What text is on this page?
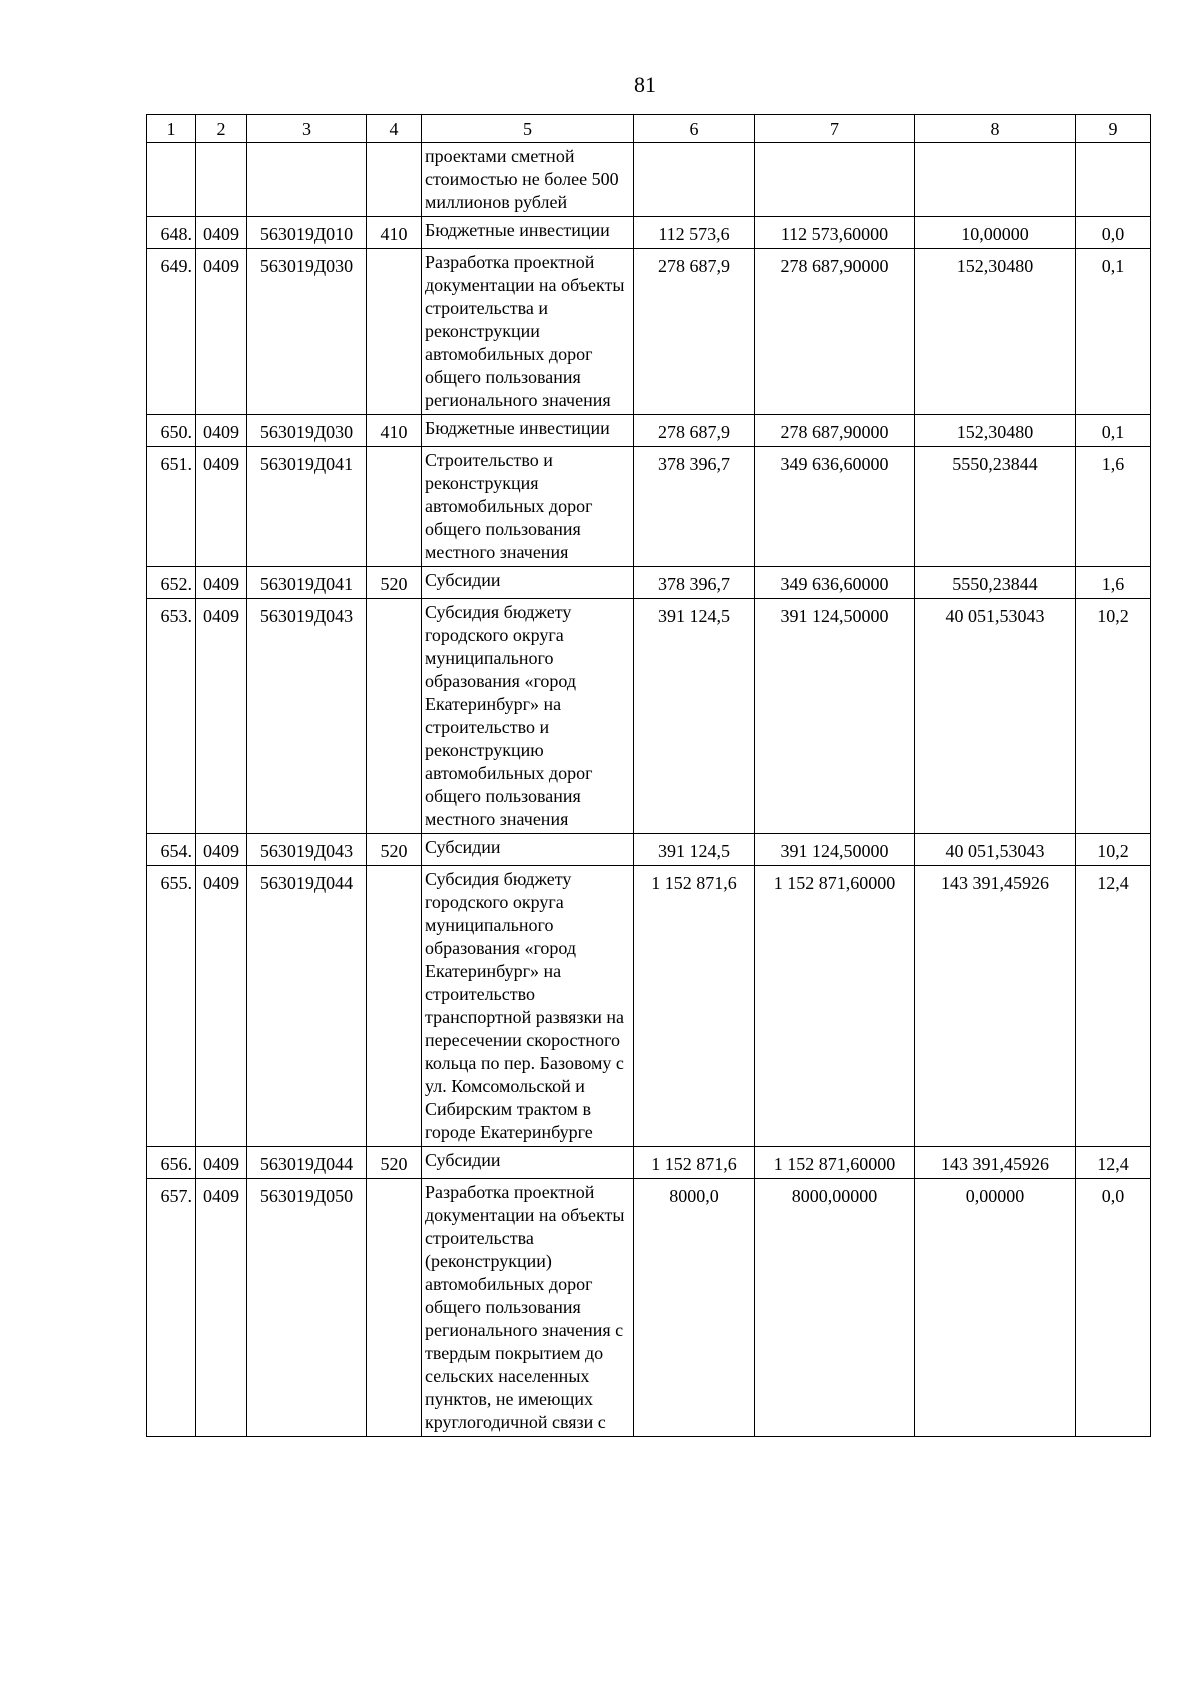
81
1	2	3	4	5	6	7	8	9
				проектами сметной стоимостью не более 500 миллионов рублей				
648.	0409	563019Д010	410	Бюджетные инвестиции	112 573,6	112 573,60000	10,00000	0,0
649.	0409	563019Д030		Разработка проектной документации на объекты строительства и реконструкции автомобильных дорог общего пользования регионального значения	278 687,9	278 687,90000	152,30480	0,1
650.	0409	563019Д030	410	Бюджетные инвестиции	278 687,9	278 687,90000	152,30480	0,1
651.	0409	563019Д041		Строительство и реконструкция автомобильных дорог общего пользования местного значения	378 396,7	349 636,60000	5550,23844	1,6
652.	0409	563019Д041	520	Субсидии	378 396,7	349 636,60000	5550,23844	1,6
653.	0409	563019Д043		Субсидия бюджету городского округа муниципального образования «город Екатеринбург» на строительство и реконструкцию автомобильных дорог общего пользования местного значения	391 124,5	391 124,50000	40 051,53043	10,2
654.	0409	563019Д043	520	Субсидии	391 124,5	391 124,50000	40 051,53043	10,2
655.	0409	563019Д044		Субсидия бюджету городского округа муниципального образования «город Екатеринбург» на строительство транспортной развязки на пересечении скоростного кольца по пер. Базовому с ул. Комсомольской и Сибирским трактом в городе Екатеринбурге	1 152 871,6	1 152 871,60000	143 391,45926	12,4
656.	0409	563019Д044	520	Субсидии	1 152 871,6	1 152 871,60000	143 391,45926	12,4
657.	0409	563019Д050		Разработка проектной документации на объекты строительства (реконструкции) автомобильных дорог общего пользования регионального значения с твердым покрытием до сельских населенных пунктов, не имеющих круглогодичной связи с	8000,0	8000,00000	0,00000	0,0
